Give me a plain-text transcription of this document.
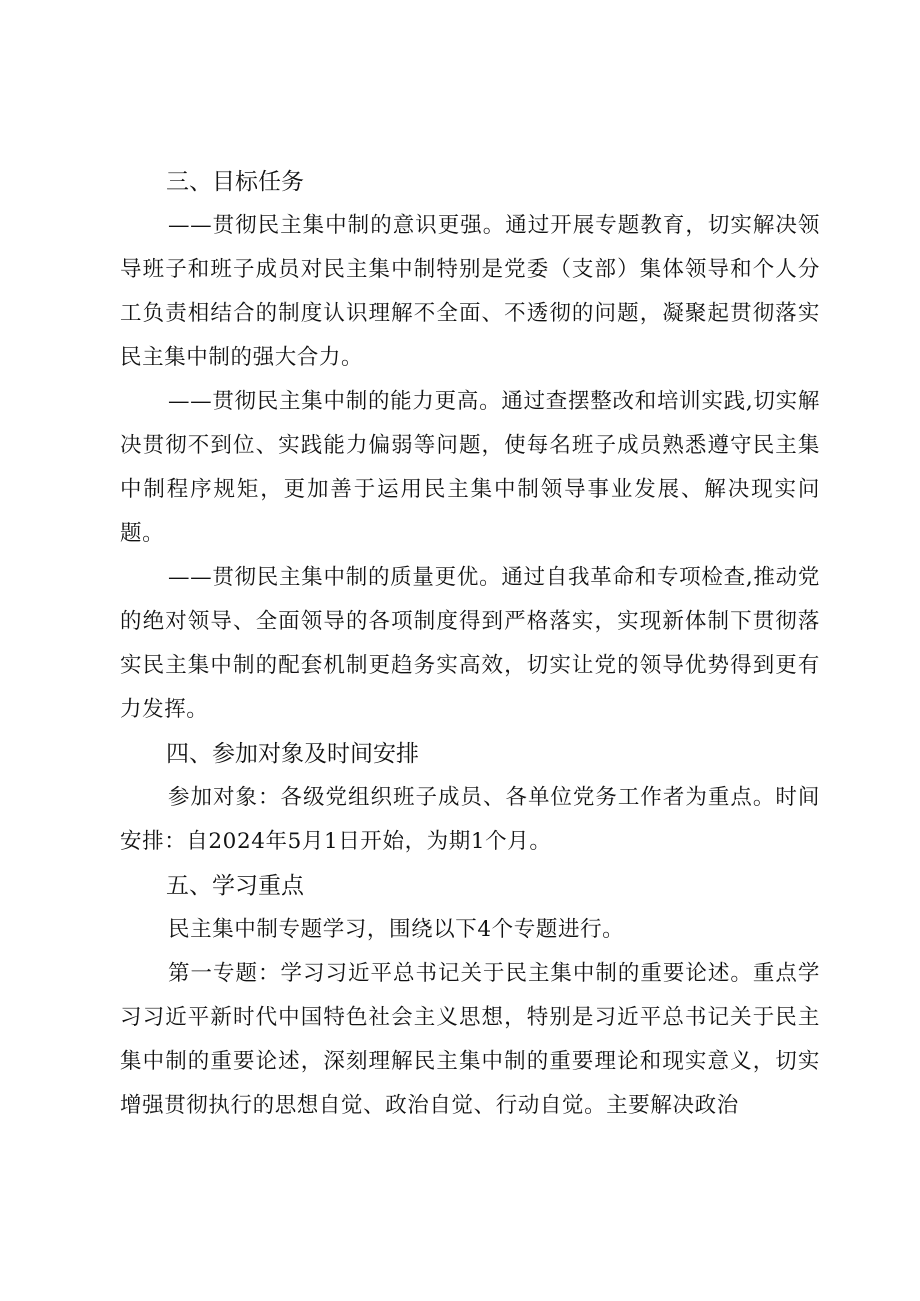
三、目标任务

——贯彻民主集中制的意识更强。通过开展专题教育，切实解决领导班子和班子成员对民主集中制特别是党委（支部）集体领导和个人分工负责相结合的制度认识理解不全面、不透彻的问题，凝聚起贯彻落实民主集中制的强大合力。

——贯彻民主集中制的能力更高。通过查摆整改和培训实践,切实解决贯彻不到位、实践能力偏弱等问题，使每名班子成员熟悉遵守民主集中制程序规矩，更加善于运用民主集中制领导事业发展、解决现实问题。

——贯彻民主集中制的质量更优。通过自我革命和专项检查,推动党的绝对领导、全面领导的各项制度得到严格落实，实现新体制下贯彻落实民主集中制的配套机制更趋务实高效，切实让党的领导优势得到更有力发挥。

四、参加对象及时间安排

参加对象：各级党组织班子成员、各单位党务工作者为重点。时间安排：自2024年5月1日开始，为期1个月。

五、学习重点

民主集中制专题学习，围绕以下4个专题进行。

第一专题：学习习近平总书记关于民主集中制的重要论述。重点学习习近平新时代中国特色社会主义思想，特别是习近平总书记关于民主集中制的重要论述，深刻理解民主集中制的重要理论和现实意义，切实增强贯彻执行的思想自觉、政治自觉、行动自觉。主要解决政治
